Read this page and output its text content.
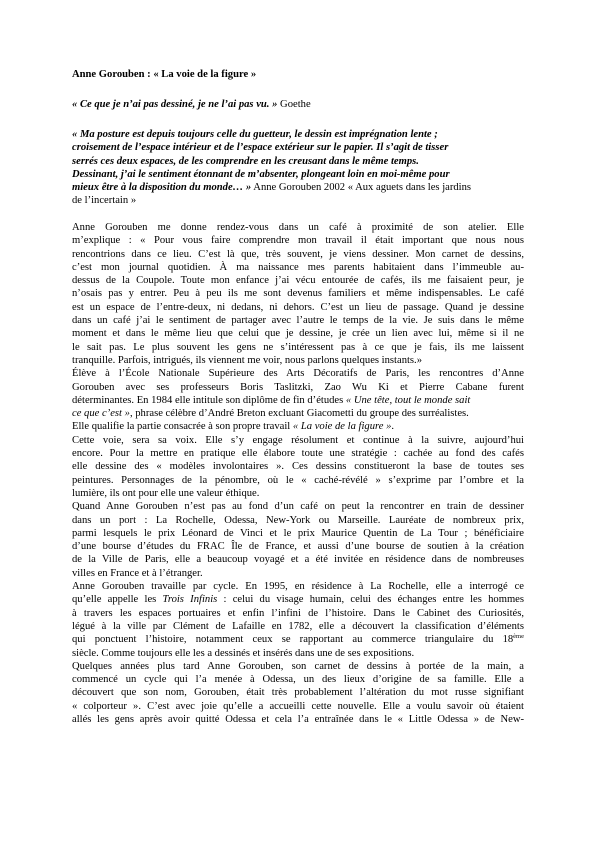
Anne Gorouben : « La voie de la figure »
« Ce que je n’ai pas dessiné, je ne l’ai pas vu. » Goethe
« Ma posture est depuis toujours celle du guetteur, le dessin est imprégnation lente ;
croisement de l’espace intérieur et de l’espace extérieur sur le papier. Il s’agit de tisser
serrés ces deux espaces, de les comprendre en les creusant dans le même temps.
Dessinant, j’ai le sentiment étonnant de m’absenter, plongeant loin en moi-même pour
mieux être à la disposition du monde… » Anne Gorouben 2002 « Aux aguets dans les jardins
de l’incertain »
Anne Gorouben me donne rendez-vous dans un café à proximité de son atelier. Elle
m’explique : « Pour vous faire comprendre mon travail il était important que nous nous
rencontrions dans ce lieu. C’est là que, très souvent, je viens dessiner. Mon carnet de dessins,
c’est mon journal quotidien. À ma naissance mes parents habitaient dans l’immeuble au-
dessus de la Coupole. Toute mon enfance j’ai vécu entourée de cafés, ils me faisaient peur, je
n’osais pas y entrer. Peu à peu ils me sont devenus familiers et même indispensables. Le café
est un espace de l’entre-deux, ni dedans, ni dehors. C’est un lieu de passage. Quand je dessine
dans un café j’ai le sentiment de partager avec l’autre le temps de la vie. Je suis dans le même
moment et dans le même lieu que celui que je dessine, je crée un lien avec lui, même si il ne
le sait pas. Le plus souvent les gens ne s’intéressent pas à ce que je fais, ils me laissent
tranquille. Parfois, intrigués, ils viennent me voir, nous parlons quelques instants.»
Élève à l’École Nationale Supérieure des Arts Décoratifs de Paris, les rencontres d’Anne
Gorouben avec ses professeurs Boris Taslitzki, Zao Wu Ki et Pierre Cabane furent
déterminantes. En 1984 elle intitule son diplôme de fin d’études « Une tête, tout le monde sait
ce que c’est », phrase célèbre d’André Breton excluant Giacometti du groupe des surréalistes.
Elle qualifie la partie consacrée à son propre travail « La voie de la figure ».
Cette voie, sera sa voix. Elle s’y engage résolument et continue à la suivre, aujourd’hui
encore. Pour la mettre en pratique elle élabore toute une stratégie : cachée au fond des cafés
elle dessine des « modèles involontaires ». Ces dessins constitueront la base de toutes ses
peintures. Personnages de la pénombre, où le « caché-révélé » s’exprime par l’ombre et la
lumière, ils ont pour elle une valeur éthique.
Quand Anne Gorouben n’est pas au fond d’un café on peut la rencontrer en train de dessiner
dans un port : La Rochelle, Odessa, New-York ou Marseille. Lauréate de nombreux prix,
parmi lesquels le prix Léonard de Vinci et le prix Maurice Quentin de La Tour ; bénéficiaire
d’une bourse d’études du FRAC Île de France, et aussi d’une bourse de soutien à la création
de la Ville de Paris, elle a beaucoup voyagé et a été invitée en résidence dans de nombreuses
villes en France et à l’étranger.
Anne Gorouben travaille par cycle. En 1995, en résidence à La Rochelle, elle a interrogé ce
qu’elle appelle les Trois Infinis : celui du visage humain, celui des échanges entre les hommes
à travers les espaces portuaires et enfin l’infini de l’histoire. Dans le Cabinet des Curiosités,
légué à la ville par Clément de Lafaille en 1782, elle a découvert la classification d’éléments
qui ponctuent l’histoire, notamment ceux se rapportant au commerce triangulaire du 18ème
siècle. Comme toujours elle les a dessinés et insérés dans une de ses expositions.
Quelques années plus tard Anne Gorouben, son carnet de dessins à portée de la main, a
commencé un cycle qui l’a menée à Odessa, un des lieux d’origine de sa famille. Elle a
découvert que son nom, Gorouben, était très probablement l’altération du mot russe signifiant
« colporteur ». C’est avec joie qu’elle a accueilli cette nouvelle. Elle a voulu savoir où étaient
allés les gens après avoir quitté Odessa et cela l’a entraînée dans le « Little Odessa » de New-
